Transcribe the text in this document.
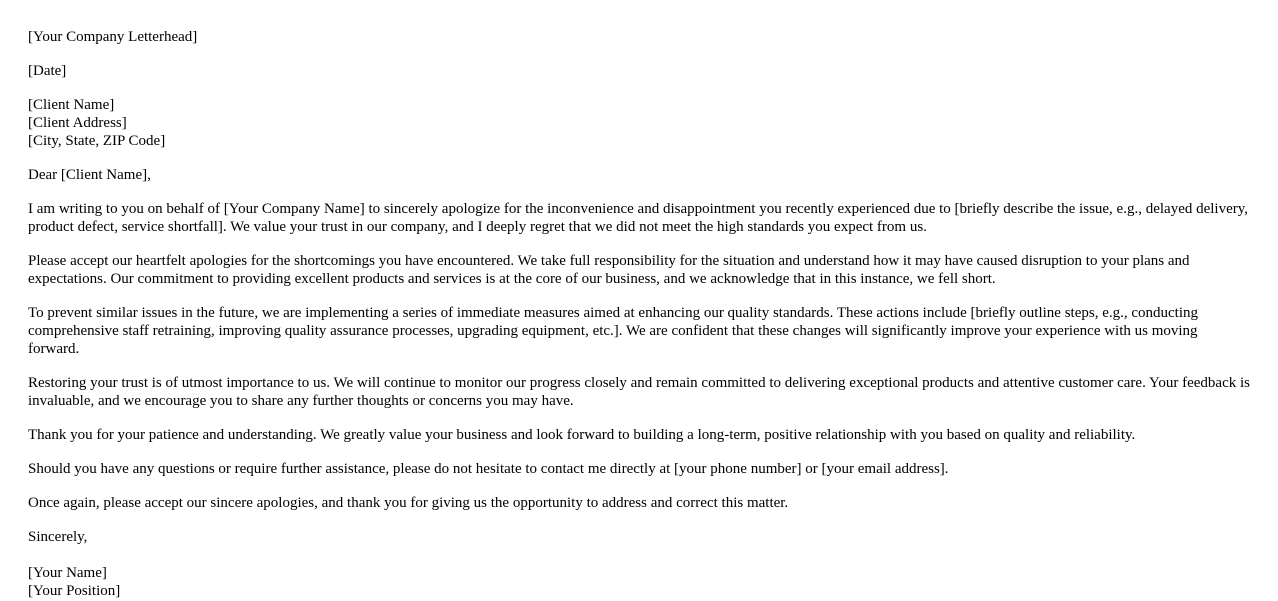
[Your Company Letterhead]
[Date]
[Client Name]
[Client Address]
[City, State, ZIP Code]
Dear [Client Name],

I am writing to you on behalf of [Your Company Name] to sincerely apologize for the inconvenience and disappointment you recently experienced due to [briefly describe the issue, e.g., delayed delivery, product defect, service shortfall]. We value your trust in our company, and I deeply regret that we did not meet the high standards you expect from us.

Please accept our heartfelt apologies for the shortcomings you have encountered. We take full responsibility for the situation and understand how it may have caused disruption to your plans and expectations. Our commitment to providing excellent products and services is at the core of our business, and we acknowledge that in this instance, we fell short.

To prevent similar issues in the future, we are implementing a series of immediate measures aimed at enhancing our quality standards. These actions include [briefly outline steps, e.g., conducting comprehensive staff retraining, improving quality assurance processes, upgrading equipment, etc.]. We are confident that these changes will significantly improve your experience with us moving forward.

Restoring your trust is of utmost importance to us. We will continue to monitor our progress closely and remain committed to delivering exceptional products and attentive customer care. Your feedback is invaluable, and we encourage you to share any further thoughts or concerns you may have.

Thank you for your patience and understanding. We greatly value your business and look forward to building a long-term, positive relationship with you based on quality and reliability.

Should you have any questions or require further assistance, please do not hesitate to contact me directly at [your phone number] or [your email address].

Once again, please accept our sincere apologies, and thank you for giving us the opportunity to address and correct this matter.

Sincerely,
[Your Name]
[Your Position]
